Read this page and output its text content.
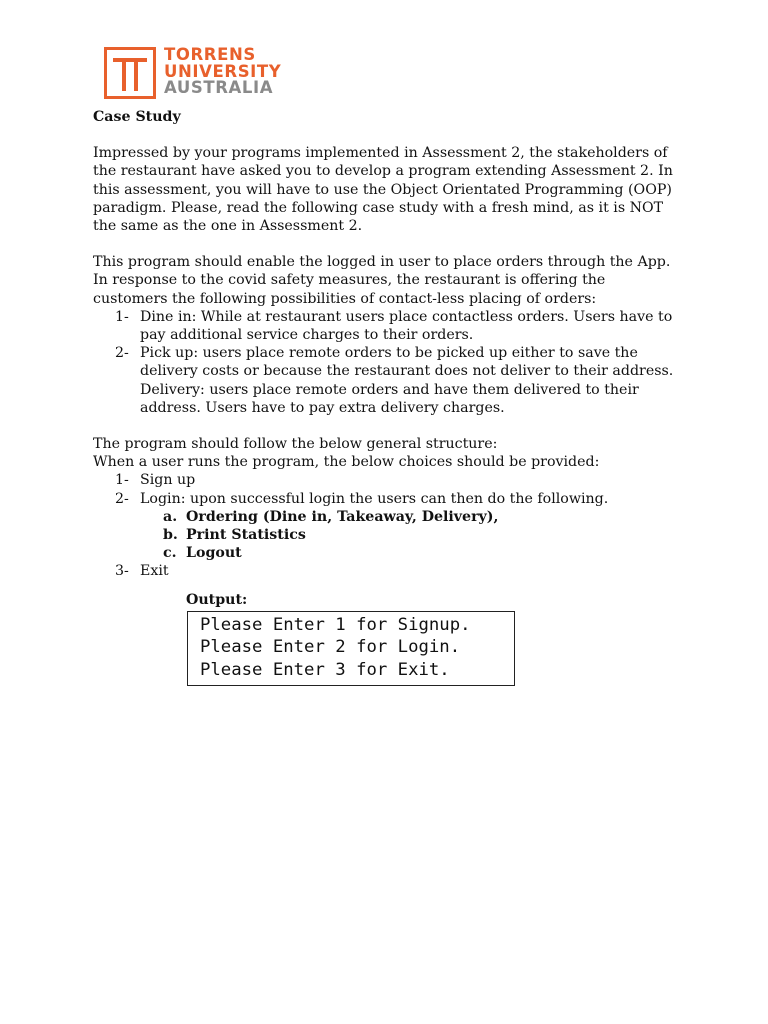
TORRENS
UNIVERSITY
AUSTRALIA

Case Study

Impressed by your programs implemented in Assessment 2, the stakeholders of the restaurant have asked you to develop a program extending Assessment 2. In this assessment, you will have to use the Object Orientated Programming (OOP) paradigm. Please, read the following case study with a fresh mind, as it is NOT the same as the one in Assessment 2.

This program should enable the logged in user to place orders through the App. In response to the covid safety measures, the restaurant is offering the customers the following possibilities of contact-less placing of orders:

1- Dine in: While at restaurant users place contactless orders. Users have to pay additional service charges to their orders.
2- Pick up: users place remote orders to be picked up either to save the delivery costs or because the restaurant does not deliver to their address. Delivery: users place remote orders and have them delivered to their address. Users have to pay extra delivery charges.

The program should follow the below general structure:

When a user runs the program, the below choices should be provided:

1- Sign up
2- Login: upon successful login the users can then do the following.
a. Ordering (Dine in, Takeaway, Delivery),
b. Print Statistics
c. Logout
3- Exit

Output:

Please Enter 1 for Signup.
Please Enter 2 for Login.
Please Enter 3 for Exit.
